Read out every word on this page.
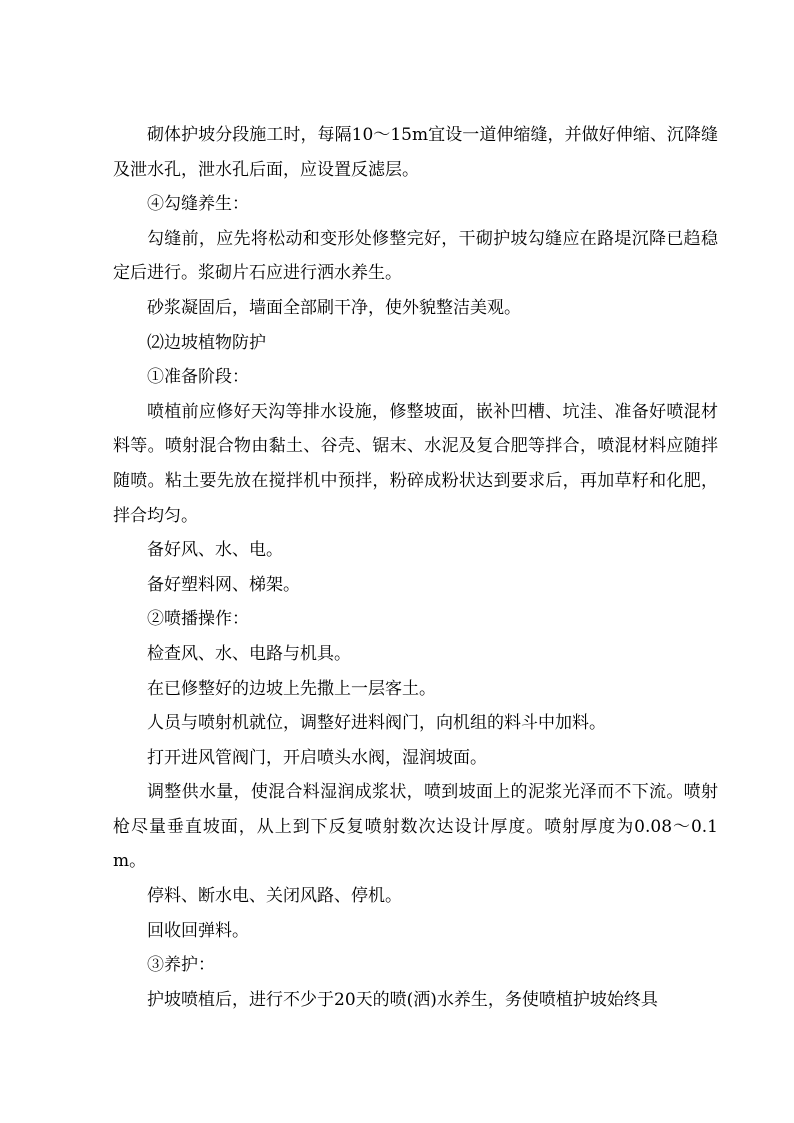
砌体护坡分段施工时，每隔10～15m宜设一道伸缩缝，并做好伸缩、沉降缝及泄水孔，泄水孔后面，应设置反滤层。

④勾缝养生：

勾缝前，应先将松动和变形处修整完好，干砌护坡勾缝应在路堤沉降已趋稳定后进行。浆砌片石应进行洒水养生。

砂浆凝固后，墙面全部刷干净，使外貌整洁美观。

⑵边坡植物防护

①准备阶段：

喷植前应修好天沟等排水设施，修整坡面，嵌补凹槽、坑洼、准备好喷混材料等。喷射混合物由黏土、谷壳、锯末、水泥及复合肥等拌合，喷混材料应随拌随喷。粘土要先放在搅拌机中预拌，粉碎成粉状达到要求后，再加草籽和化肥，拌合均匀。

备好风、水、电。

备好塑料网、梯架。

②喷播操作：

检查风、水、电路与机具。

在已修整好的边坡上先撒上一层客土。

人员与喷射机就位，调整好进料阀门，向机组的料斗中加料。

打开进风管阀门，开启喷头水阀，湿润坡面。

调整供水量，使混合料湿润成浆状，喷到坡面上的泥浆光泽而不下流。喷射枪尽量垂直坡面，从上到下反复喷射数次达设计厚度。喷射厚度为0.08～0.1m。

停料、断水电、关闭风路、停机。

回收回弹料。

③养护：

护坡喷植后，进行不少于20天的喷(洒)水养生，务使喷植护坡始终具
